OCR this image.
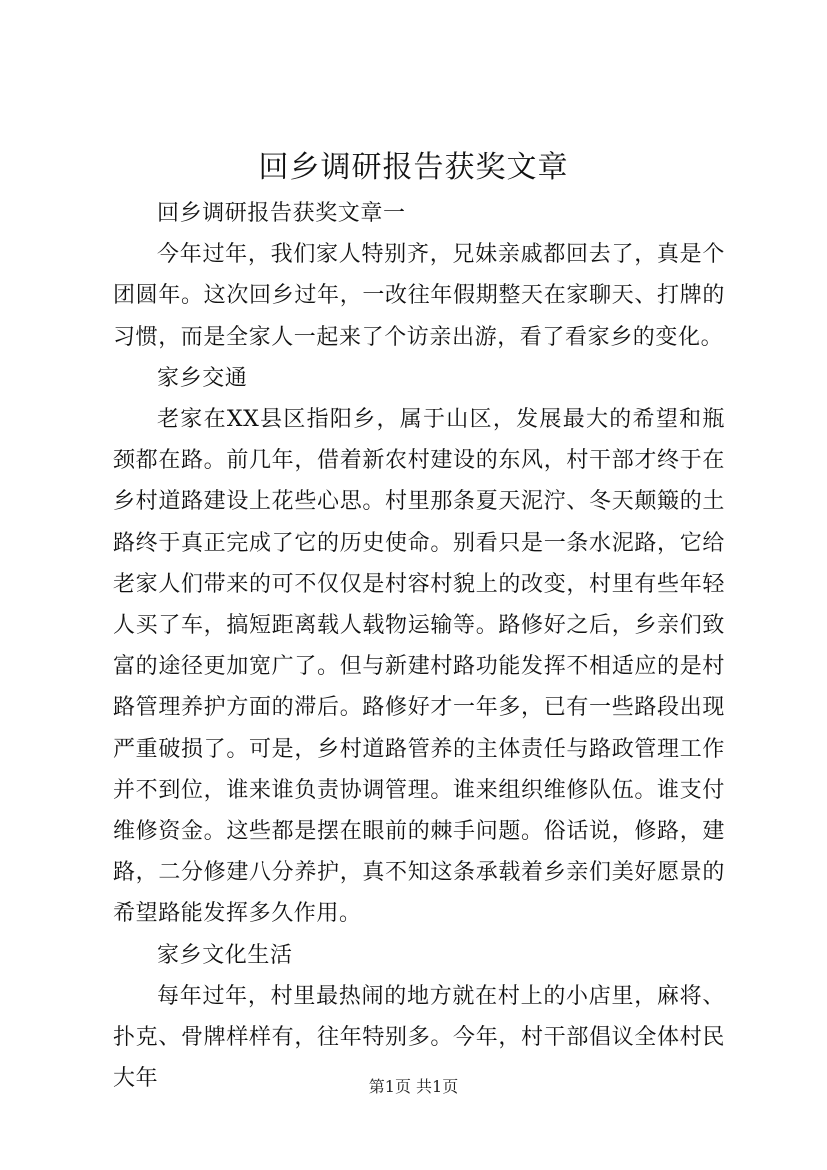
回乡调研报告获奖文章

回乡调研报告获奖文章一

今年过年，我们家人特别齐，兄妹亲戚都回去了，真是个团圆年。这次回乡过年，一改往年假期整天在家聊天、打牌的习惯，而是全家人一起来了个访亲出游，看了看家乡的变化。

家乡交通

老家在XX县区指阳乡，属于山区，发展最大的希望和瓶颈都在路。前几年，借着新农村建设的东风，村干部才终于在乡村道路建设上花些心思。村里那条夏天泥泞、冬天颠簸的土路终于真正完成了它的历史使命。别看只是一条水泥路，它给老家人们带来的可不仅仅是村容村貌上的改变，村里有些年轻人买了车，搞短距离载人载物运输等。路修好之后，乡亲们致富的途径更加宽广了。但与新建村路功能发挥不相适应的是村路管理养护方面的滞后。路修好才一年多，已有一些路段出现严重破损了。可是，乡村道路管养的主体责任与路政管理工作并不到位，谁来谁负责协调管理。谁来组织维修队伍。谁支付维修资金。这些都是摆在眼前的棘手问题。俗话说，修路，建路，二分修建八分养护，真不知这条承载着乡亲们美好愿景的希望路能发挥多久作用。

家乡文化生活

每年过年，村里最热闹的地方就在村上的小店里，麻将、扑克、骨牌样样有，往年特别多。今年，村干部倡议全体村民大年	第1页 共1页
